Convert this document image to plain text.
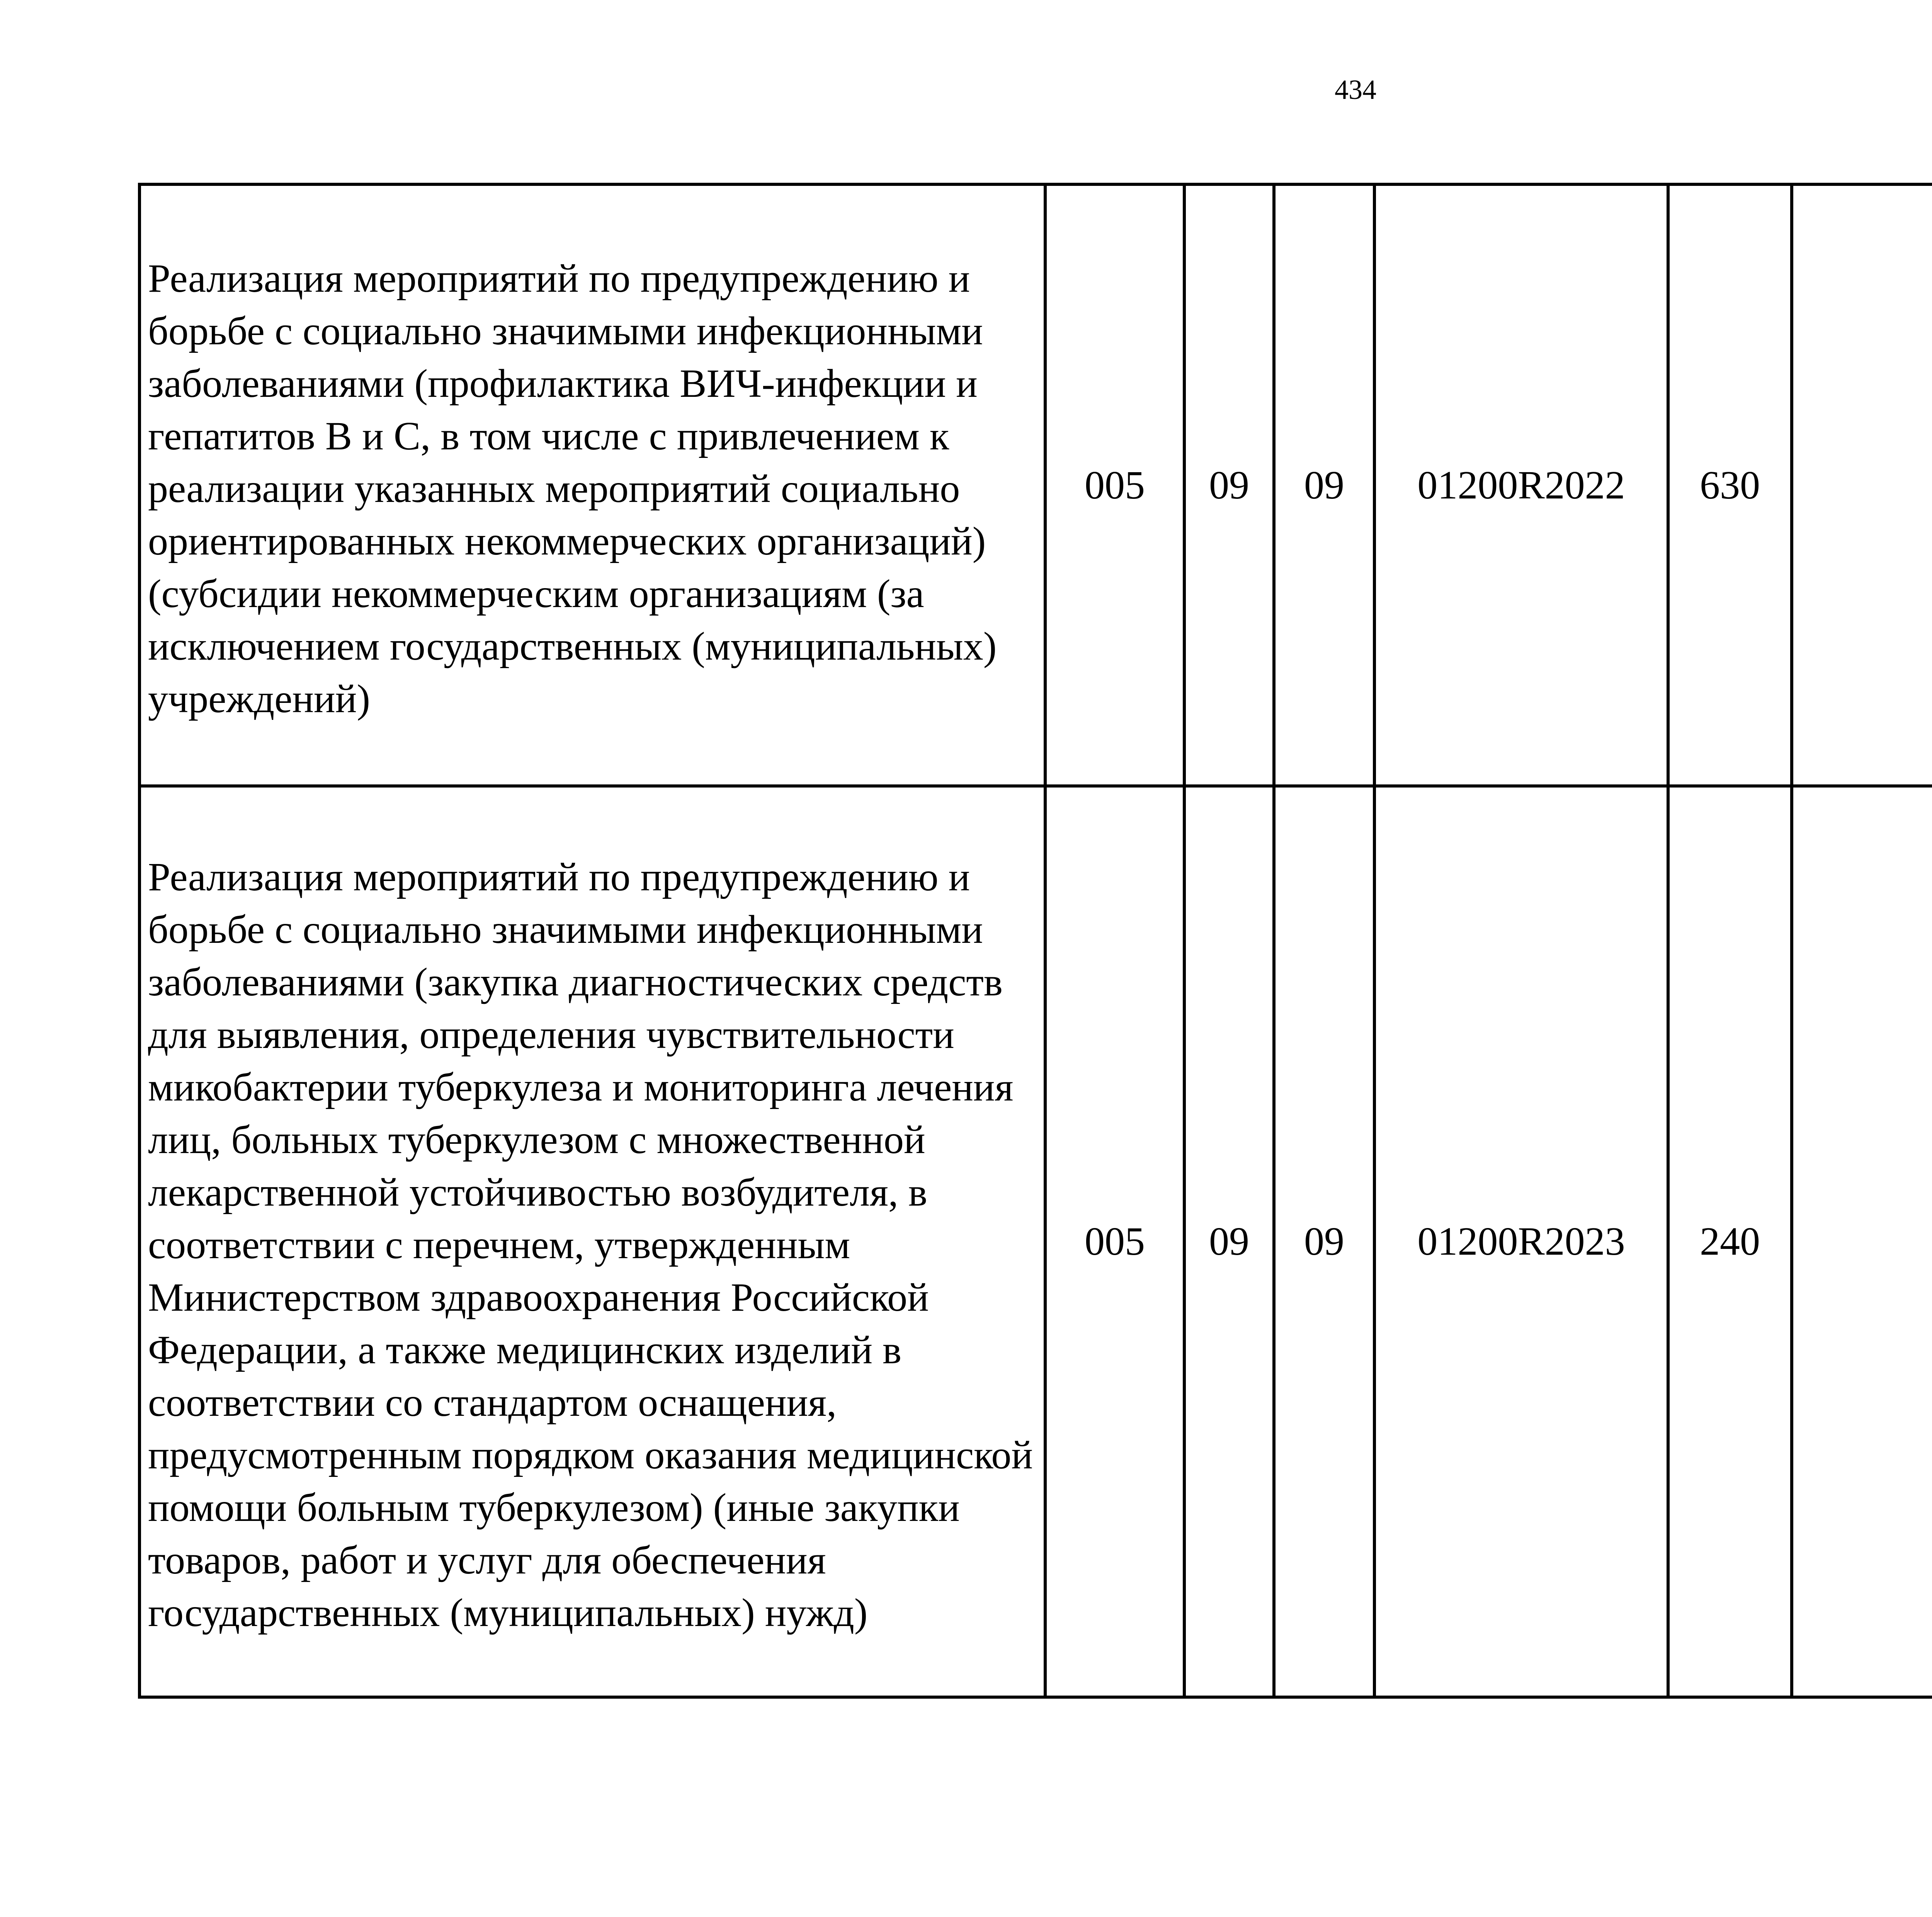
434
Реализация мероприятий по предупреждению и борьбе с социально значимыми инфекционными заболеваниями (профилактика ВИЧ-инфекции и гепатитов В и С, в том числе с привлечением к реализации указанных мероприятий социально ориентированных некоммерческих организаций) (субсидии некоммерческим организациям (за исключением государственных (муниципальных) учреждений)	005	09	09	01200R2022	630			

Реализация мероприятий по предупреждению и борьбе с социально значимыми инфекционными заболеваниями (закупка диагностических средств для выявления, определения чувствительности микобактерии туберкулеза и мониторинга лечения лиц, больных туберкулезом с множественной лекарственной устойчивостью возбудителя, в соответствии с перечнем, утвержденным Министерством здравоохранения Российской Федерации, а также медицинских изделий в соответствии со стандартом оснащения, предусмотренным порядком оказания медицинской помощи больным туберкулезом) (иные закупки товаров, работ и услуг для обеспечения государственных (муниципальных) нужд)	005	09	09	01200R2023	240			
